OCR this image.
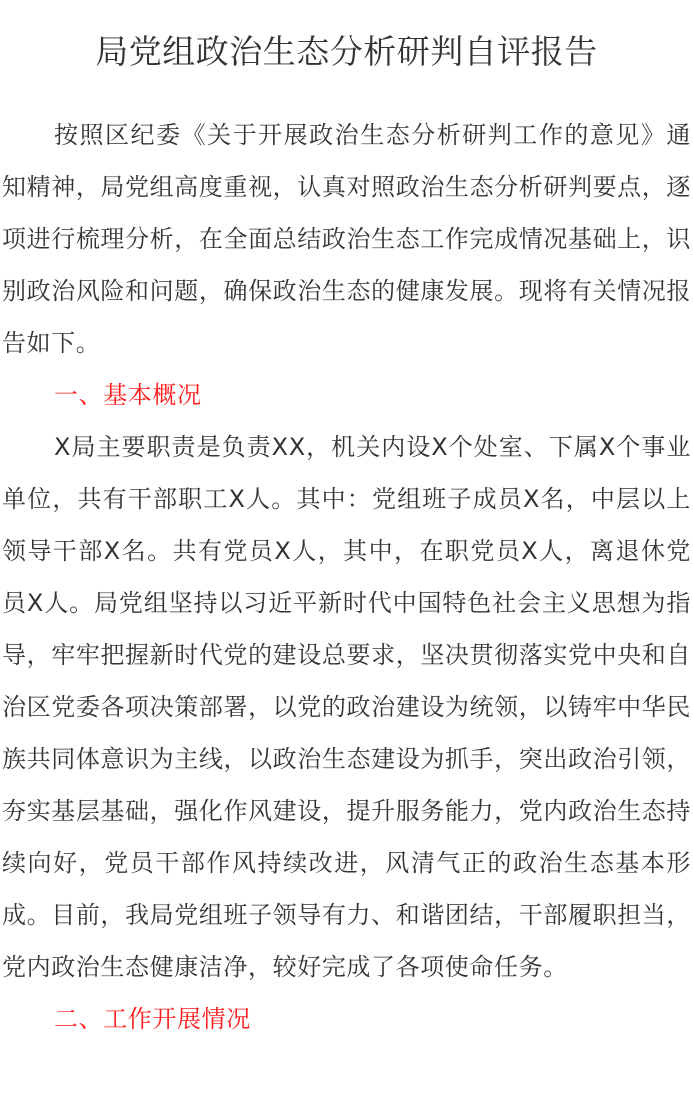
局党组政治生态分析研判自评报告

按照区纪委《关于开展政治生态分析研判工作的意见》通知精神，局党组高度重视，认真对照政治生态分析研判要点，逐项进行梳理分析，在全面总结政治生态工作完成情况基础上，识别政治风险和问题，确保政治生态的健康发展。现将有关情况报告如下。

一、基本概况

X局主要职责是负责XX，机关内设X个处室、下属X个事业单位，共有干部职工X人。其中：党组班子成员X名，中层以上领导干部X名。共有党员X人，其中，在职党员X人，离退休党员X人。局党组坚持以习近平新时代中国特色社会主义思想为指导，牢牢把握新时代党的建设总要求，坚决贯彻落实党中央和自治区党委各项决策部署，以党的政治建设为统领，以铸牢中华民族共同体意识为主线，以政治生态建设为抓手，突出政治引领，夯实基层基础，强化作风建设，提升服务能力，党内政治生态持续向好，党员干部作风持续改进，风清气正的政治生态基本形成。目前，我局党组班子领导有力、和谐团结，干部履职担当，党内政治生态健康洁净，较好完成了各项使命任务。

二、工作开展情况
